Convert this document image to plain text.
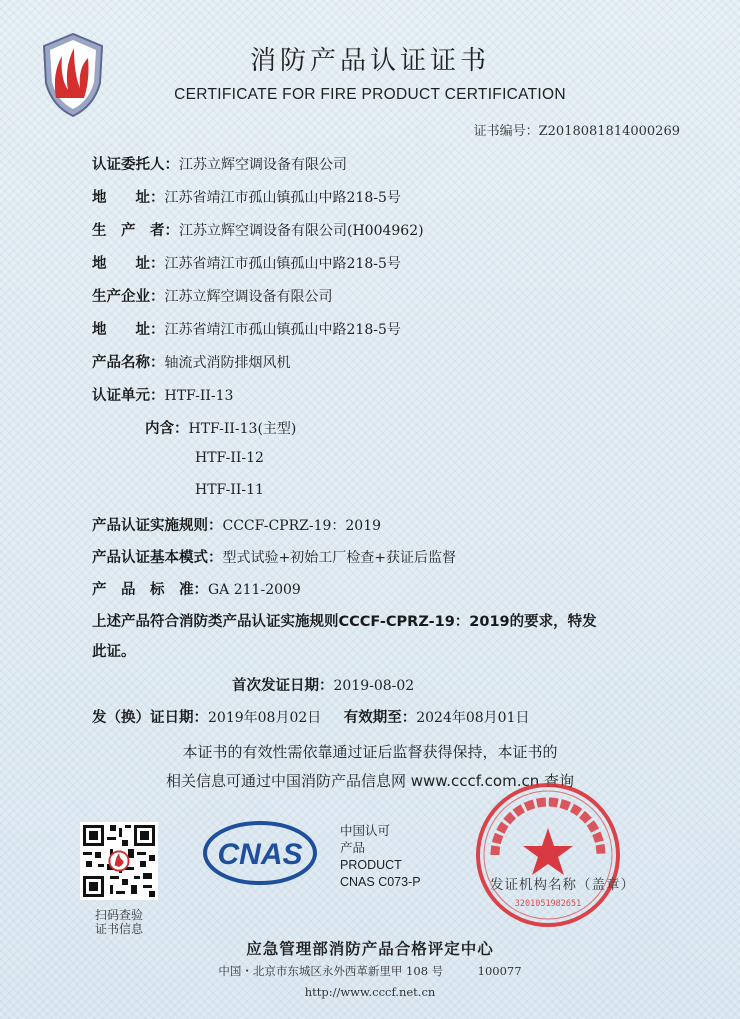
消防产品认证证书
CERTIFICATE FOR FIRE PRODUCT CERTIFICATION
证书编号：Z2018081814000269
认证委托人：江苏立辉空调设备有限公司
地　　址：江苏省靖江市孤山镇孤山中路218-5号
生　产　者：江苏立辉空调设备有限公司(H004962)
地　　址：江苏省靖江市孤山镇孤山中路218-5号
生产企业：江苏立辉空调设备有限公司
地　　址：江苏省靖江市孤山镇孤山中路218-5号
产品名称：轴流式消防排烟风机
认证单元：HTF-II-13
内含：HTF-II-13(主型)
HTF-II-12
HTF-II-11
产品认证实施规则：CCCF-CPRZ-19：2019
产品认证基本模式：型式试验+初始工厂检查+获证后监督
产　品　标　准：GA 211-2009
上述产品符合消防类产品认证实施规则CCCF-CPRZ-19：2019的要求，特发
此证。
首次发证日期：2019-08-02
发（换）证日期：2019年08月02日 有效期至：2024年08月01日
本证书的有效性需依靠通过证后监督获得保持，本证书的
相关信息可通过中国消防产品信息网 www.cccf.com.cn 查询
扫码查验
证书信息
CNAS
中国认可
产品
PRODUCT
CNAS C073-P
3201051982651
发证机构名称（盖章）
应急管理部消防产品合格评定中心
中国・北京市东城区永外西革新里甲 108 号　　　100077
http://www.cccf.net.cn
